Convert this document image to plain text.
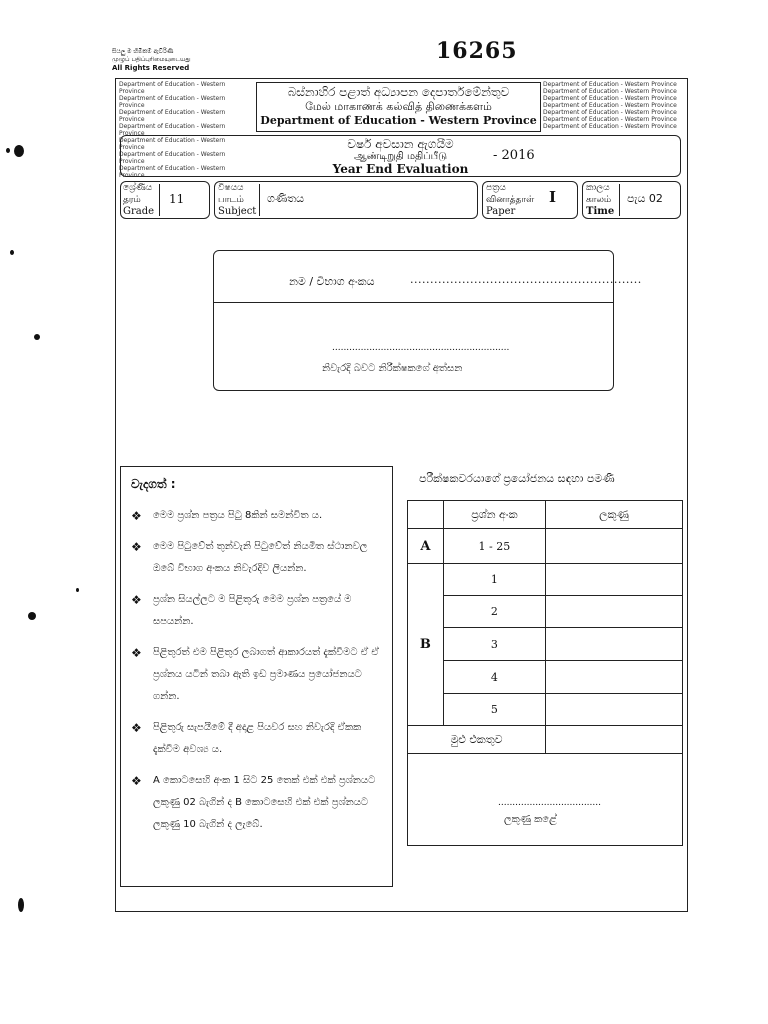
සියලු ම හිමිකම් ඇවිරිණි
முழுப் பதிப்புரிமையுடையது
All Rights Reserved
16265
Department of Education - Western Province
Department of Education - Western Province
Department of Education - Western Province
Department of Education - Western Province
Department of Education - Western Province
Department of Education - Western Province
Department of Education - Western Province
Department of Education - Western Province
Department of Education - Western Province
Department of Education - Western Province
Department of Education - Western Province
Department of Education - Western Province
Department of Education - Western Province
Department of Education - Western Province
බස්නාහිර පළාත් අධ්‍යාපන දෙපාර්තමේන්තුව
மேல் மாகாணக் கல்வித் திணைக்களம்
Department of Education - Western Province
වර්ෂ අවසාන ඇගයීම
ஆண்டிறுதி மதிப்பீடு	- 2016
Year End Evaluation
ශ්‍රේණිය
தரம்
Grade
11
විෂයය
பாடம்
Subject
ගණිතය
පත්‍රය
வினாத்தாள்
Paper
I	කාලය
காலம்
Time
පැය 02
නම / විභාග අංකය	..........................................................
..............................................................
නිවැරදි බවට නිරීක්ෂකගේ අත්සන
වැදගත් :
❖ මෙම ප්‍රශ්න පත්‍රය පිටු 8කින් සමන්විත ය.
❖ මෙම පිටුවේත් තුන්වැනි පිටුවේත් නියමිත ස්ථානවල ඔබේ විභාග අංකය නිවැරදිව ලියන්න.
❖ ප්‍රශ්න සියල්ලට ම පිළිතුරු මෙම ප්‍රශ්න පත්‍රයේ ම සපයන්න.
❖ පිළිතුරත් එම පිළිතුර ලබාගත් ආකාරයත් දැක්වීමට ඒ ඒ ප්‍රශ්නය යටින් තබා ඇති ඉඩ ප්‍රමාණය ප්‍රයෝජනයට ගන්න.
❖ පිළිතුරු සැපයීමේ දී අදාළ පියවර සහ නිවැරදි ඒකක දැක්වීම අවශ්‍ය ය.
❖ A කොටසෙහි අංක 1 සිට 25 තෙක් එක් එක් ප්‍රශ්නයට ලකුණු 02 බැගින් ද B කොටසෙහි එක් එක් ප්‍රශ්නයට ලකුණු 10 බැගින් ද ලැබේ.
පරීක්ෂකවරයාගේ ප්‍රයෝජනය සඳහා පමණී
	ප්‍රශ්න අංක	ලකුණු
A	1 - 25	
B	1	
	2	
	3	
	4	
	5	
මුළු එකතුව		

....................................
ලකුණු කළේ		
